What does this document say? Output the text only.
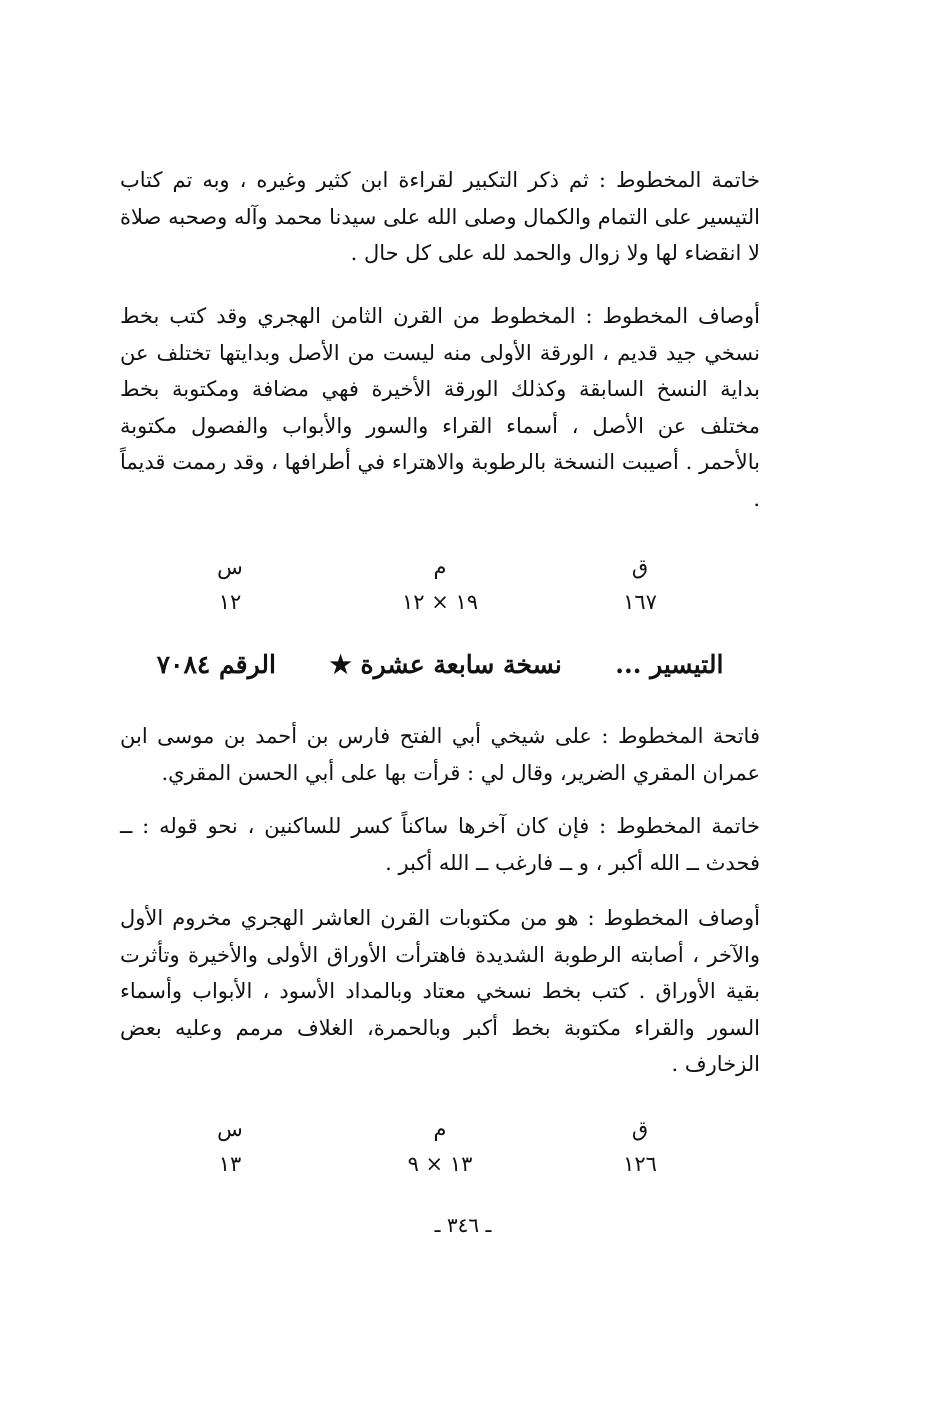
خاتمة المخطوط : ثم ذكر التكبير لقراءة ابن كثير وغيره ، وبه تم كتاب التيسير على التمام والكمال وصلى الله على سيدنا محمد وآله وصحبه صلاة لا انقضاء لها ولا زوال والحمد لله على كل حال .
أوصاف المخطوط : المخطوط من القرن الثامن الهجري وقد كتب بخط نسخي جيد قديم ، الورقة الأولى منه ليست من الأصل وبدايتها تختلف عن بداية النسخ السابقة وكذلك الورقة الأخيرة فهي مضافة ومكتوبة بخط مختلف عن الأصل ، أسماء القراء والسور والأبواب والفصول مكتوبة بالأحمر . أصيبت النسخة بالرطوبة والاهتراء في أطرافها ، وقد رممت قديماً .
ق
١٦٧
م
١٩ × ١٢
س
١٢
التيسير ...  نسخة سابعة عشرة ★  الرقم ٧٠٨٤
فاتحة المخطوط : على شيخي أبي الفتح فارس بن أحمد بن موسى ابن عمران المقري الضرير، وقال لي : قرأت بها على أبي الحسن المقري.
خاتمة المخطوط : فإن كان آخرها ساكناً كسر للساكنين ، نحو قوله : ــ فحدث ــ الله أكبر ، و ــ فارغب ــ الله أكبر .
أوصاف المخطوط : هو من مكتوبات القرن العاشر الهجري مخروم الأول والآخر ، أصابته الرطوبة الشديدة فاهترأت الأوراق الأولى والأخيرة وتأثرت بقية الأوراق . كتب بخط نسخي معتاد وبالمداد الأسود ، الأبواب وأسماء السور والقراء مكتوبة بخط أكبر وبالحمرة، الغلاف مرمم وعليه بعض الزخارف .
ق
١٢٦
م
١٣ × ٩
س
١٣
ـ ٣٤٦ ـ
